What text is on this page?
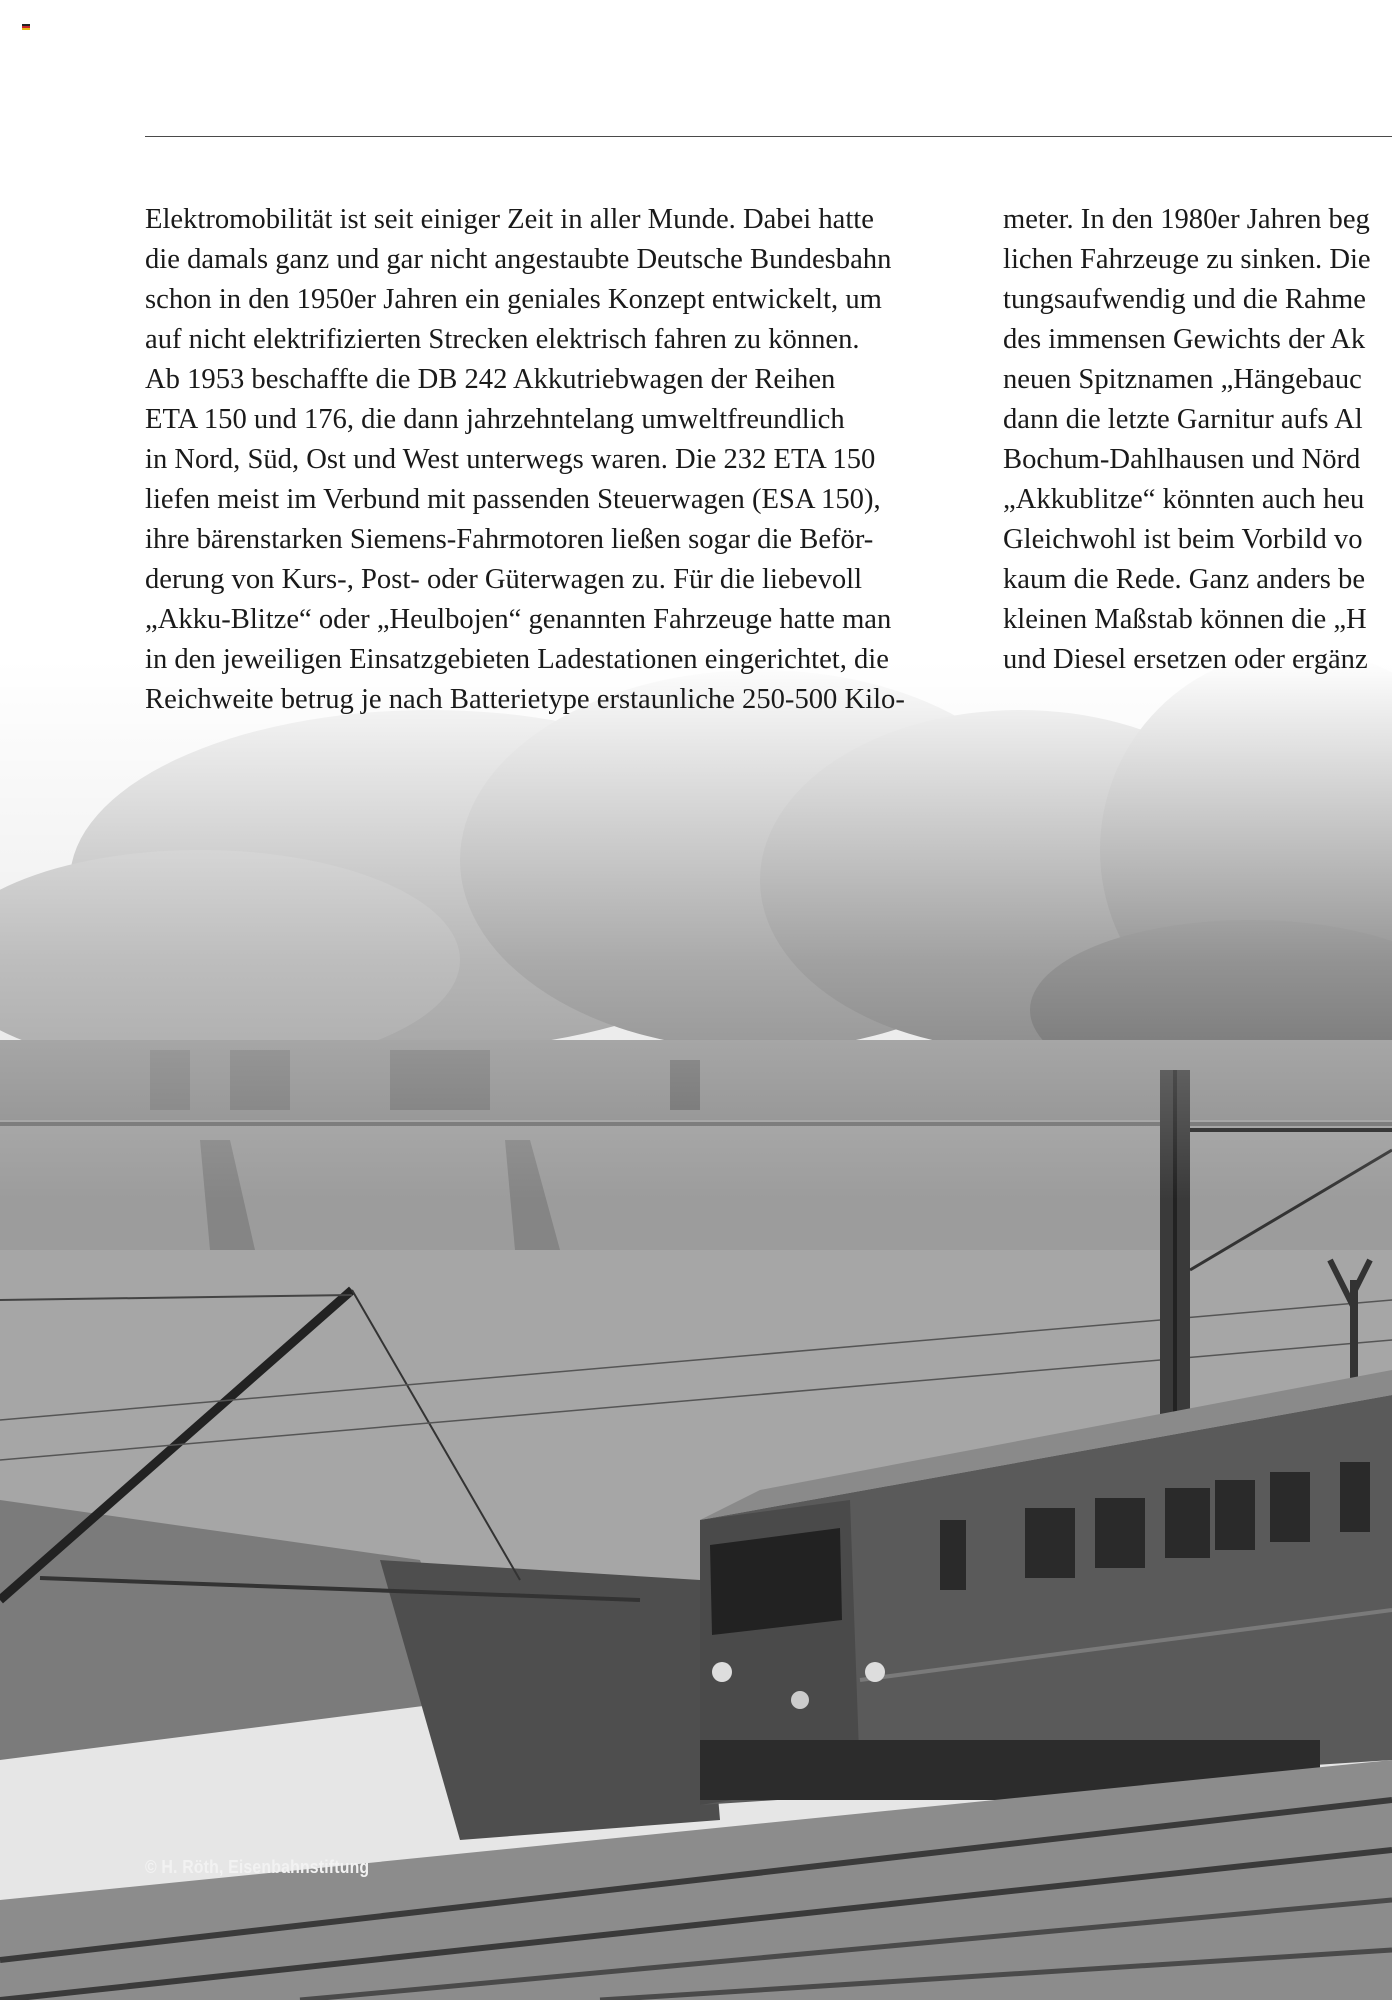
Elektromobilität ist seit einiger Zeit in aller Munde. Dabei hatte
die damals ganz und gar nicht angestaubte Deutsche Bundesbahn
schon in den 1950er Jahren ein geniales Konzept entwickelt, um
auf nicht elektrifizierten Strecken elektrisch fahren zu können.
Ab 1953 beschaffte die DB 242 Akkutriebwagen der Reihen
ETA 150 und 176, die dann jahrzehntelang umweltfreundlich
in Nord, Süd, Ost und West unterwegs waren. Die 232 ETA 150
liefen meist im Verbund mit passenden Steuerwagen (ESA 150),
ihre bärenstarken Siemens-Fahrmotoren ließen sogar die Beför-
derung von Kurs-, Post- oder Güterwagen zu. Für die liebevoll
„Akku-Blitze“ oder „Heulbojen“ genannten Fahrzeuge hatte man
in den jeweiligen Einsatzgebieten Ladestationen eingerichtet, die
Reichweite betrug je nach Batterietype erstaunliche 250-500 Kilo-
meter. In den 1980er Jahren beg
lichen Fahrzeuge zu sinken. Die
tungsaufwendig und die Rahme
des immensen Gewichts der Ak
neuen Spitznamen „Hängebauc
dann die letzte Garnitur aufs Al
Bochum-Dahlhausen und Nörd
„Akkublitze“ könnten auch heu
Gleichwohl ist beim Vorbild vo
kaum die Rede. Ganz anders be
kleinen Maßstab können die „H
und Diesel ersetzen oder ergänz
© H. Röth, Eisenbahnstiftung
